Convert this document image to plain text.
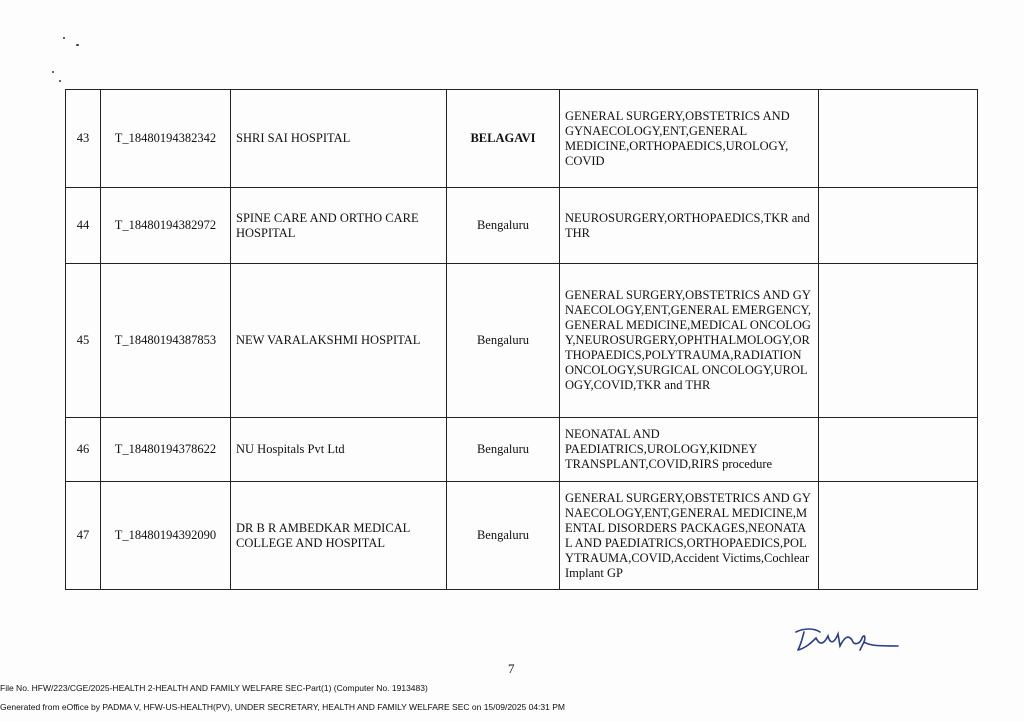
43	T_18480194382342	SHRI SAI HOSPITAL	BELAGAVI	GENERAL SURGERY,OBSTETRICS AND GYNAECOLOGY,ENT,GENERAL MEDICINE,ORTHOPAEDICS,UROLOGY, COVID	
44	T_18480194382972	SPINE CARE AND ORTHO CARE HOSPITAL	Bengaluru	NEUROSURGERY,ORTHOPAEDICS,TKR and THR	
45	T_18480194387853	NEW VARALAKSHMI HOSPITAL	Bengaluru	GENERAL SURGERY,OBSTETRICS AND GYNAECOLOGY,ENT,GENERAL EMERGENCY,GENERAL MEDICINE,MEDICAL ONCOLOGY,NEUROSURGERY,OPHTHALMOLOGY,ORTHOPAEDICS,POLYTRAUMA,RADIATION ONCOLOGY,SURGICAL ONCOLOGY,UROLOGY,COVID,TKR and THR	
46	T_18480194378622	NU Hospitals Pvt Ltd	Bengaluru	NEONATAL AND PAEDIATRICS,UROLOGY,KIDNEY TRANSPLANT,COVID,RIRS procedure	
47	T_18480194392090	DR B R AMBEDKAR MEDICAL COLLEGE AND HOSPITAL	Bengaluru	GENERAL SURGERY,OBSTETRICS AND GYNAECOLOGY,ENT,GENERAL MEDICINE,MENTAL DISORDERS PACKAGES,NEONATAL AND PAEDIATRICS,ORTHOPAEDICS,POLYTRAUMA,COVID,Accident Victims,Cochlear Implant GP	
7
File No. HFW/223/CGE/2025-HEALTH 2-HEALTH AND FAMILY WELFARE SEC-Part(1) (Computer No. 1913483)
Generated from eOffice by PADMA V, HFW-US-HEALTH(PV), UNDER SECRETARY, HEALTH AND FAMILY WELFARE SEC on 15/09/2025 04:31 PM
